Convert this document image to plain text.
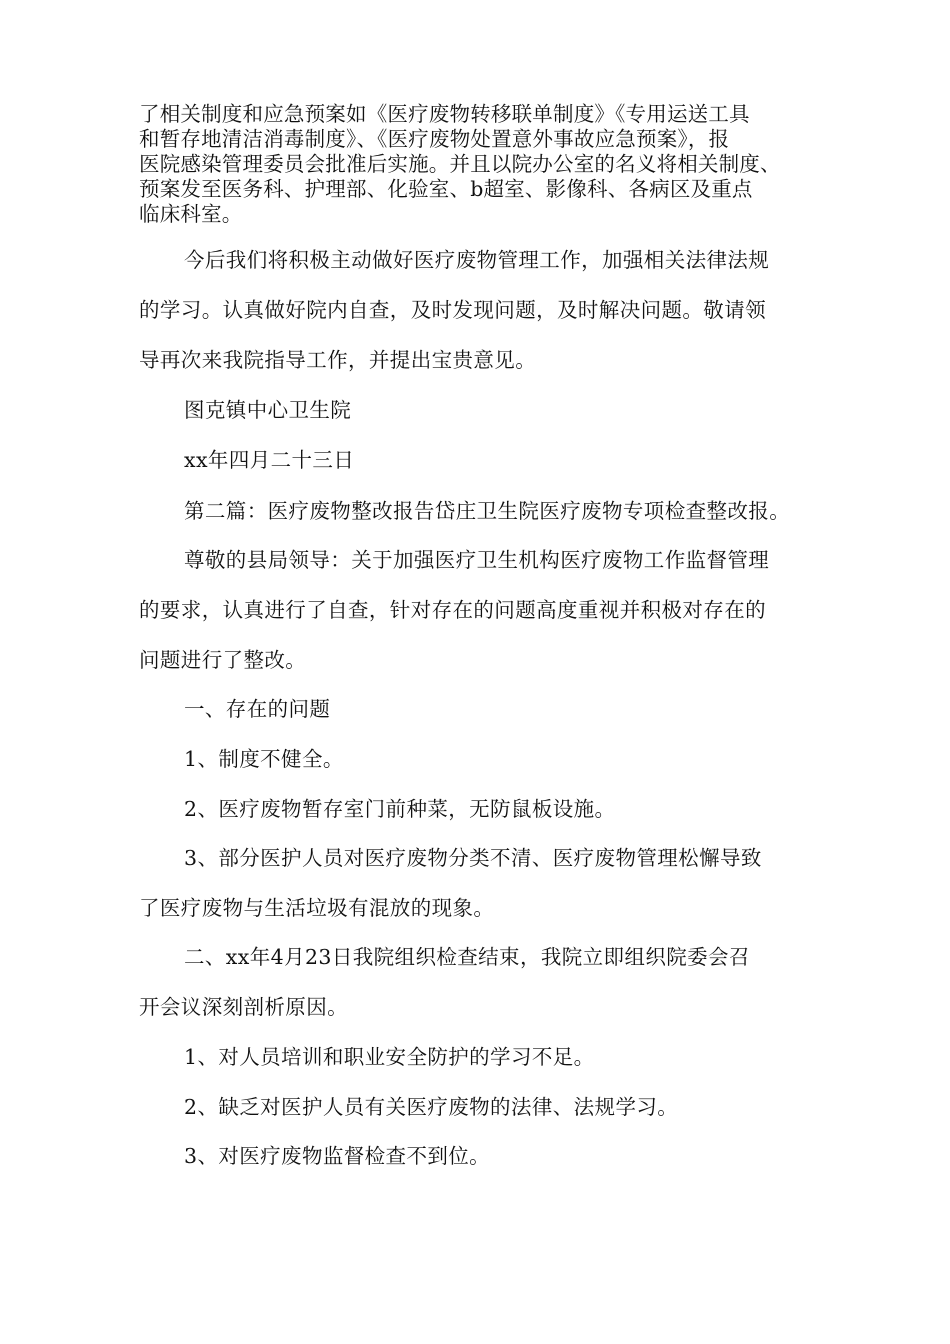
了相关制度和应急预案如《医疗废物转移联单制度》《专用运送工具
和暂存地清洁消毒制度》、《医疗废物处置意外事故应急预案》，报
医院感染管理委员会批准后实施。并且以院办公室的名义将相关制度、
预案发至医务科、护理部、化验室、b超室、影像科、各病区及重点
临床科室。
今后我们将积极主动做好医疗废物管理工作，加强相关法律法规
的学习。认真做好院内自查，及时发现问题，及时解决问题。敬请领
导再次来我院指导工作，并提出宝贵意见。
图克镇中心卫生院
xx年四月二十三日
第二篇：医疗废物整改报告岱庄卫生院医疗废物专项检查整改报。
尊敬的县局领导：关于加强医疗卫生机构医疗废物工作监督管理
的要求，认真进行了自查，针对存在的问题高度重视并积极对存在的
问题进行了整改。
一、存在的问题
1、制度不健全。
2、医疗废物暂存室门前种菜，无防鼠板设施。
3、部分医护人员对医疗废物分类不清、医疗废物管理松懈导致
了医疗废物与生活垃圾有混放的现象。
二、xx年4月23日我院组织检查结束，我院立即组织院委会召
开会议深刻剖析原因。
1、对人员培训和职业安全防护的学习不足。
2、缺乏对医护人员有关医疗废物的法律、法规学习。
3、对医疗废物监督检查不到位。
